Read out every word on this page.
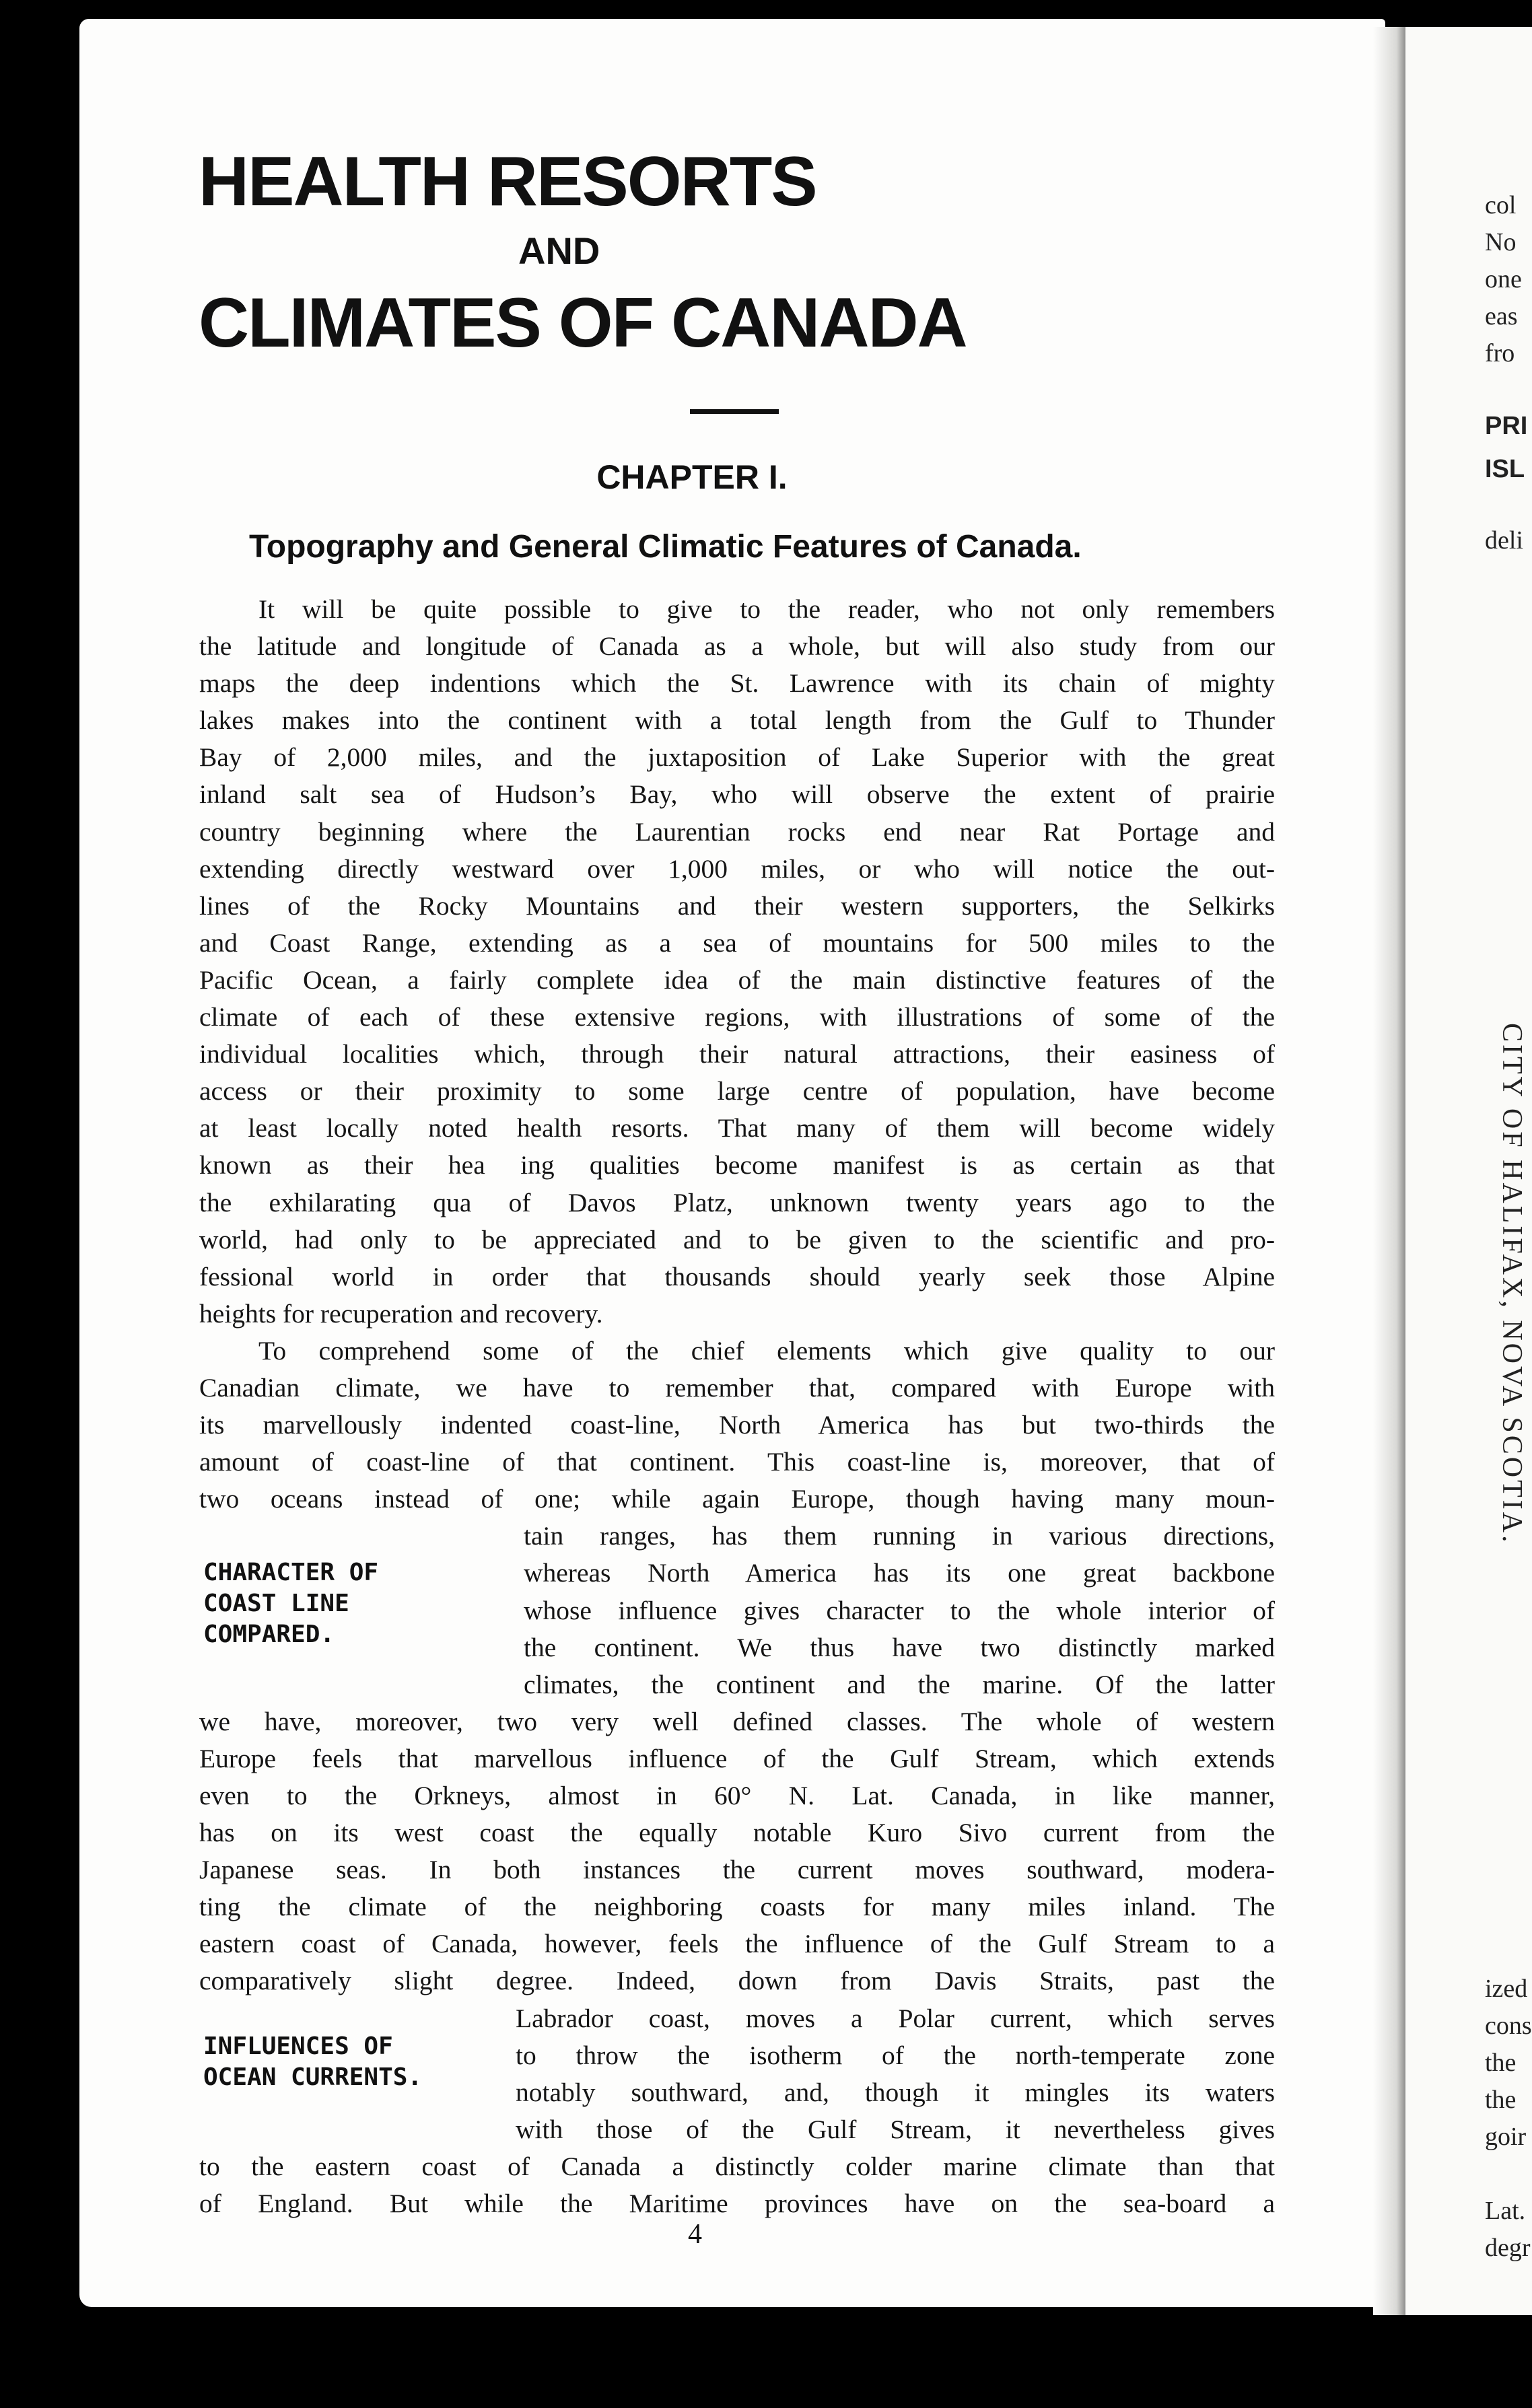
HEALTH RESORTS
AND
CLIMATES OF CANADA
CHAPTER I.
Topography and General Climatic Features of Canada.
It will be quite possible to give to the reader, who not only remembers
the latitude and longitude of Canada as a whole, but will also study from our
maps the deep indentions which the St. Lawrence with its chain of mighty
lakes makes into the continent with a total length from the Gulf to Thunder
Bay of 2,000 miles, and the juxtaposition of Lake Superior with the great
inland salt sea of Hudson’s Bay, who will observe the extent of prairie
country beginning where the Laurentian rocks end near Rat Portage and
extending directly westward over 1,000 miles, or who will notice the out-
lines of the Rocky Mountains and their western supporters, the Selkirks
and Coast Range, extending as a sea of mountains for 500 miles to the
Pacific Ocean, a fairly complete idea of the main distinctive features of the
climate of each of these extensive regions, with illustrations of some of the
individual localities which, through their natural attractions, their easiness of
access or their proximity to some large centre of population, have become
at least locally noted health resorts. That many of them will become widely
known as their hea ing qualities become manifest is as certain as that
the exhilarating qua of Davos Platz, unknown twenty years ago to the
world, had only to be appreciated and to be given to the scientific and pro-
fessional world in order that thousands should yearly seek those Alpine
heights for recuperation and recovery.
To comprehend some of the chief elements which give quality to our
Canadian climate, we have to remember that, compared with Europe with
its marvellously indented coast-line, North America has but two-thirds the
amount of coast-line of that continent. This coast-line is, moreover, that of
two oceans instead of one; while again Europe, though having many moun-
tain ranges, has them running in various directions,
whereas North America has its one great backbone
whose influence gives character to the whole interior of
the continent. We thus have two distinctly marked
climates, the continent and the marine. Of the latter
we have, moreover, two very well defined classes. The whole of western
Europe feels that marvellous influence of the Gulf Stream, which extends
even to the Orkneys, almost in 60° N. Lat. Canada, in like manner,
has on its west coast the equally notable Kuro Sivo current from the
Japanese seas. In both instances the current moves southward, modera-
ting the climate of the neighboring coasts for many miles inland. The
eastern coast of Canada, however, feels the influence of the Gulf Stream to a
comparatively slight degree. Indeed, down from Davis Straits, past the
Labrador coast, moves a Polar current, which serves
to throw the isotherm of the north-temperate zone
notably southward, and, though it mingles its waters
with those of the Gulf Stream, it nevertheless gives
to the eastern coast of Canada a distinctly colder marine climate than that
of England. But while the Maritime provinces have on the sea-board a
CHARACTER OF
COAST LINE
COMPARED.
INFLUENCES OF
OCEAN CURRENTS.
4
col
No
one
eas
fro
PRI
ISL
deli
CITY OF HALIFAX, NOVA SCOTIA.
ized
cons
the
the
goir
Lat.
degr
